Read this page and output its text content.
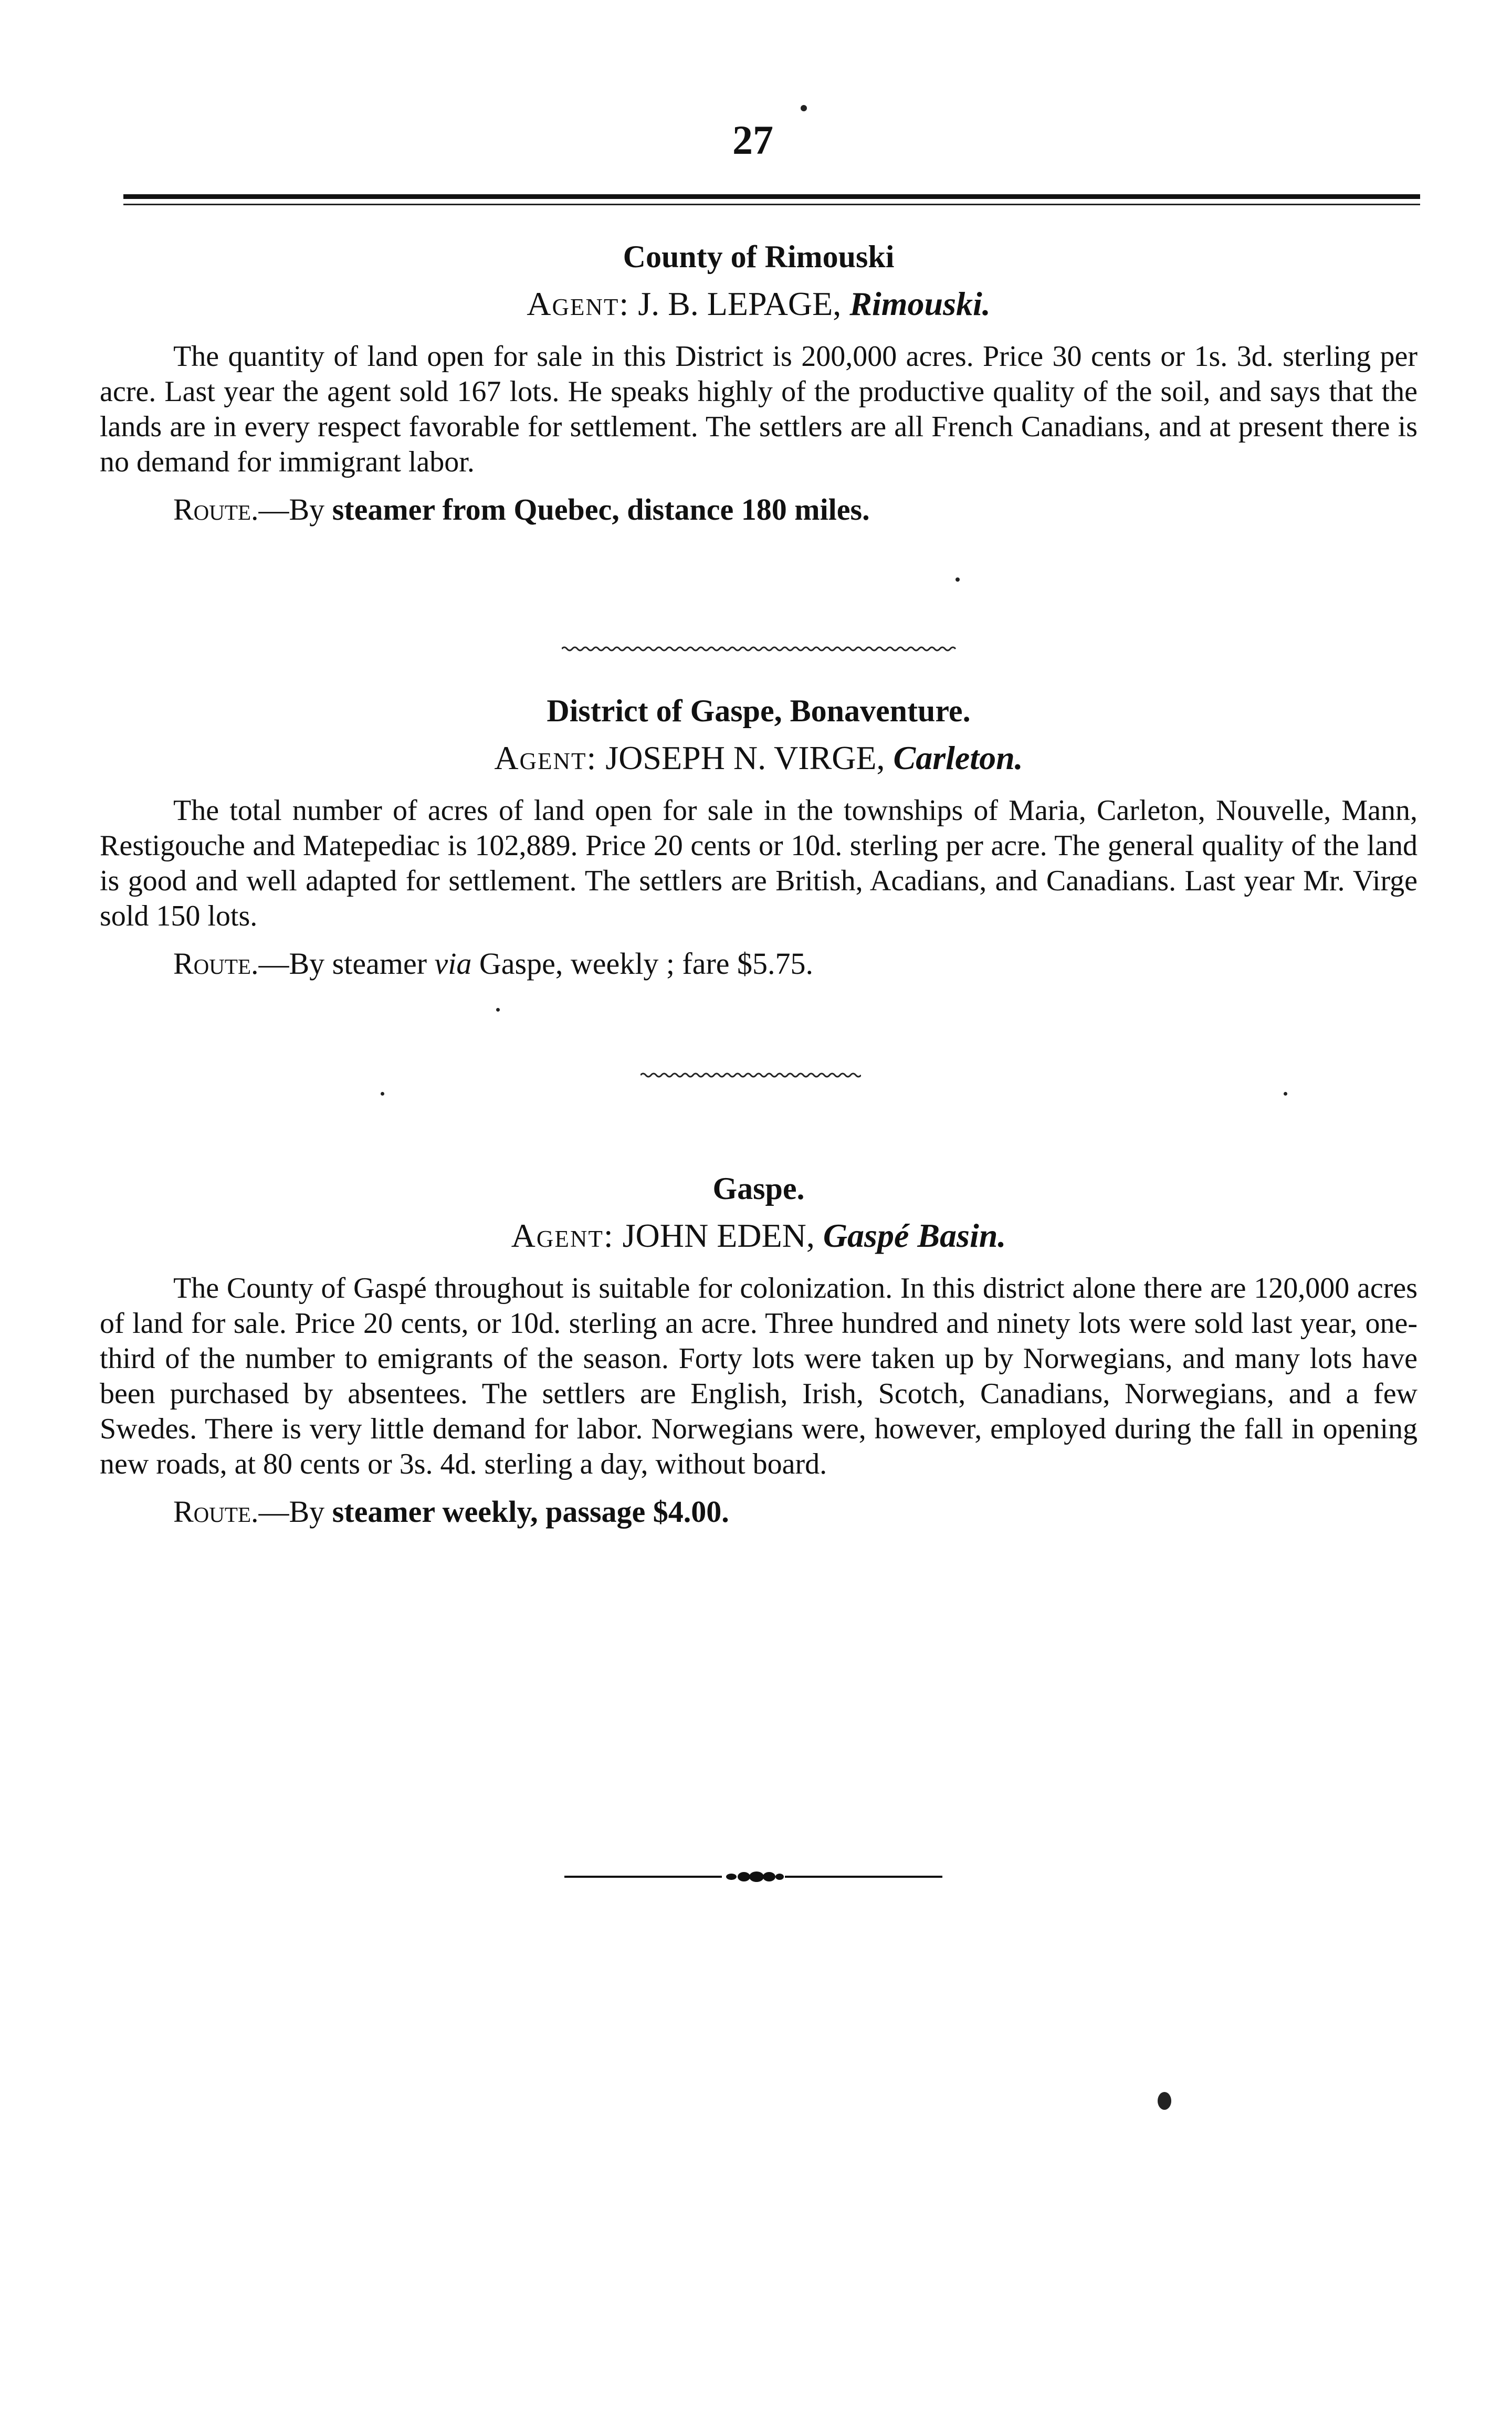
27

County of Rimouski

Agent: J. B. LEPAGE, Rimouski.

The quantity of land open for sale in this District is 200,000 acres. Price 30 cents or 1s. 3d. sterling per acre. Last year the agent sold 167 lots. He speaks highly of the productive quality of the soil, and says that the lands are in every respect favorable for settlement. The settlers are all French Canadians, and at present there is no demand for immigrant labor.

Route.—By steamer from Quebec, distance 180 miles.

District of Gaspe, Bonaventure.

Agent: JOSEPH N. VIRGE, Carleton.

The total number of acres of land open for sale in the townships of Maria, Carleton, Nouvelle, Mann, Restigouche and Matepediac is 102,889. Price 20 cents or 10d. sterling per acre. The general quality of the land is good and well adapted for settlement. The settlers are British, Acadians, and Canadians. Last year Mr. Virge sold 150 lots.

Route.—By steamer via Gaspe, weekly ; fare $5.75.

Gaspe.

Agent: JOHN EDEN, Gaspé Basin.

The County of Gaspé throughout is suitable for colonization. In this district alone there are 120,000 acres of land for sale. Price 20 cents, or 10d. sterling an acre. Three hundred and ninety lots were sold last year, one-third of the number to emigrants of the season. Forty lots were taken up by Norwegians, and many lots have been purchased by absentees. The settlers are English, Irish, Scotch, Canadians, Norwegians, and a few Swedes. There is very little demand for labor. Norwegians were, however, employed during the fall in opening new roads, at 80 cents or 3s. 4d. sterling a day, without board.

Route.—By steamer weekly, passage $4.00.
